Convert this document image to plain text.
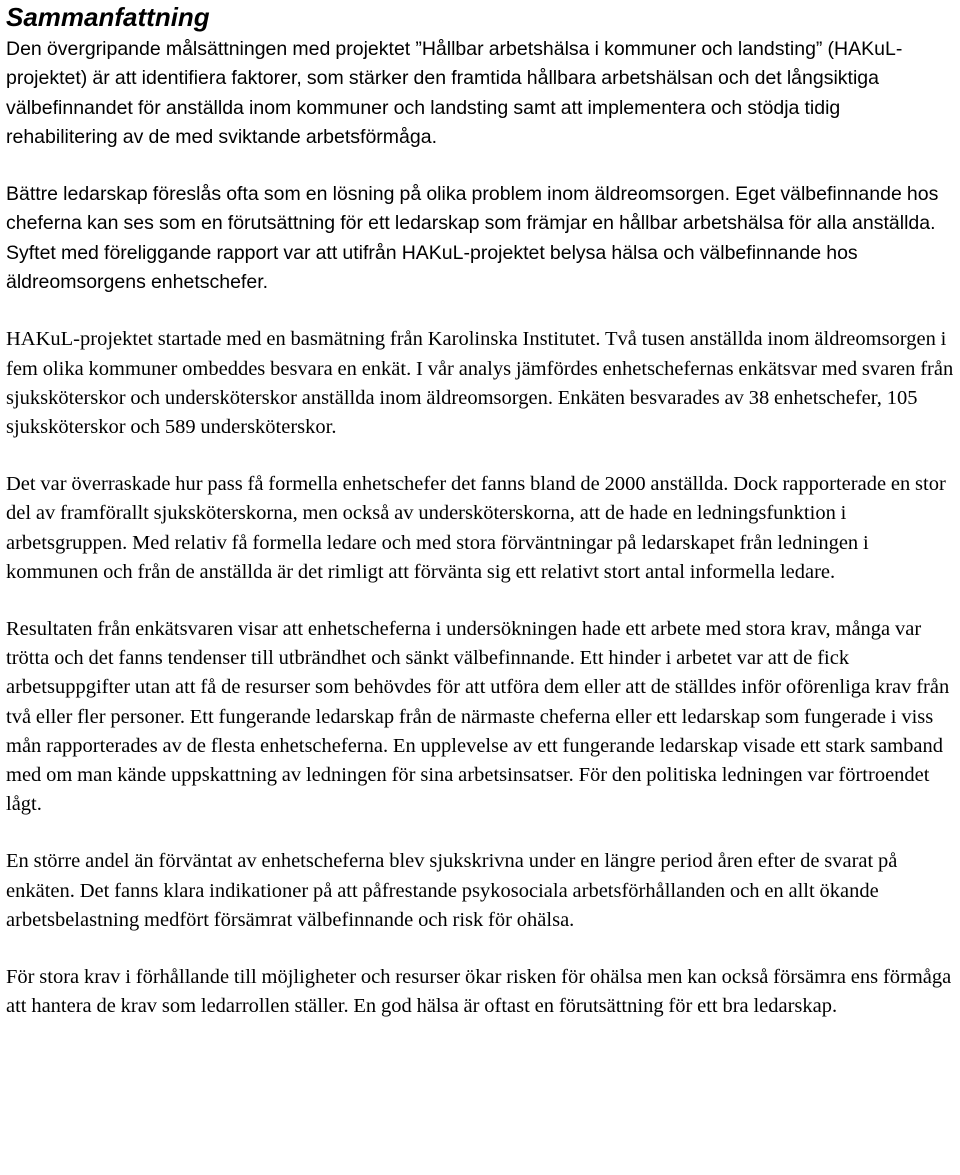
Sammanfattning

Den övergripande målsättningen med projektet ”Hållbar arbetshälsa i kommuner och landsting” (HAKuL-projektet) är att identifiera faktorer, som stärker den framtida hållbara arbetshälsan och det långsiktiga välbefinnandet för anställda inom kommuner och landsting samt att implementera och stödja tidig rehabilitering av de med sviktande arbetsförmåga.

Bättre ledarskap föreslås ofta som en lösning på olika problem inom äldreomsorgen. Eget välbefinnande hos cheferna kan ses som en förutsättning för ett ledarskap som främjar en hållbar arbetshälsa för alla anställda. Syftet med föreliggande rapport var att utifrån HAKuL-projektet belysa hälsa och välbefinnande hos äldreomsorgens enhetschefer.

HAKuL-projektet startade med en basmätning från Karolinska Institutet. Två tusen anställda inom äldreomsorgen i fem olika kommuner ombeddes besvara en enkät. I vår analys jämfördes enhetschefernas enkätsvar med svaren från sjuksköterskor och undersköterskor anställda inom äldreomsorgen. Enkäten besvarades av 38 enhetschefer, 105 sjuksköterskor och 589 undersköterskor.

Det var överraskade hur pass få formella enhetschefer det fanns bland de 2000 anställda. Dock rapporterade en stor del av framförallt sjuksköterskorna, men också av undersköterskorna, att de hade en ledningsfunktion i arbetsgruppen. Med relativ få formella ledare och med stora förväntningar på ledarskapet från ledningen i kommunen och från de anställda är det rimligt att förvänta sig ett relativt stort antal informella ledare.

Resultaten från enkätsvaren visar att enhetscheferna i undersökningen hade ett arbete med stora krav, många var trötta och det fanns tendenser till utbrändhet och sänkt välbefinnande. Ett hinder i arbetet var att de fick arbetsuppgifter utan att få de resurser som behövdes för att utföra dem eller att de ställdes inför oförenliga krav från två eller fler personer. Ett fungerande ledarskap från de närmaste cheferna eller ett ledarskap som fungerade i viss mån rapporterades av de flesta enhetscheferna. En upplevelse av ett fungerande ledarskap visade ett stark samband med om man kände uppskattning av ledningen för sina arbetsinsatser. För den politiska ledningen var förtroendet lågt.

En större andel än förväntat av enhetscheferna blev sjukskrivna under en längre period åren efter de svarat på enkäten. Det fanns klara indikationer på att påfrestande psykosociala arbetsförhållanden och en allt ökande arbetsbelastning medfört försämrat välbefinnande och risk för ohälsa.

För stora krav i förhållande till möjligheter och resurser ökar risken för ohälsa men kan också försämra ens förmåga att hantera de krav som ledarrollen ställer. En god hälsa är oftast en förutsättning för ett bra ledarskap.
